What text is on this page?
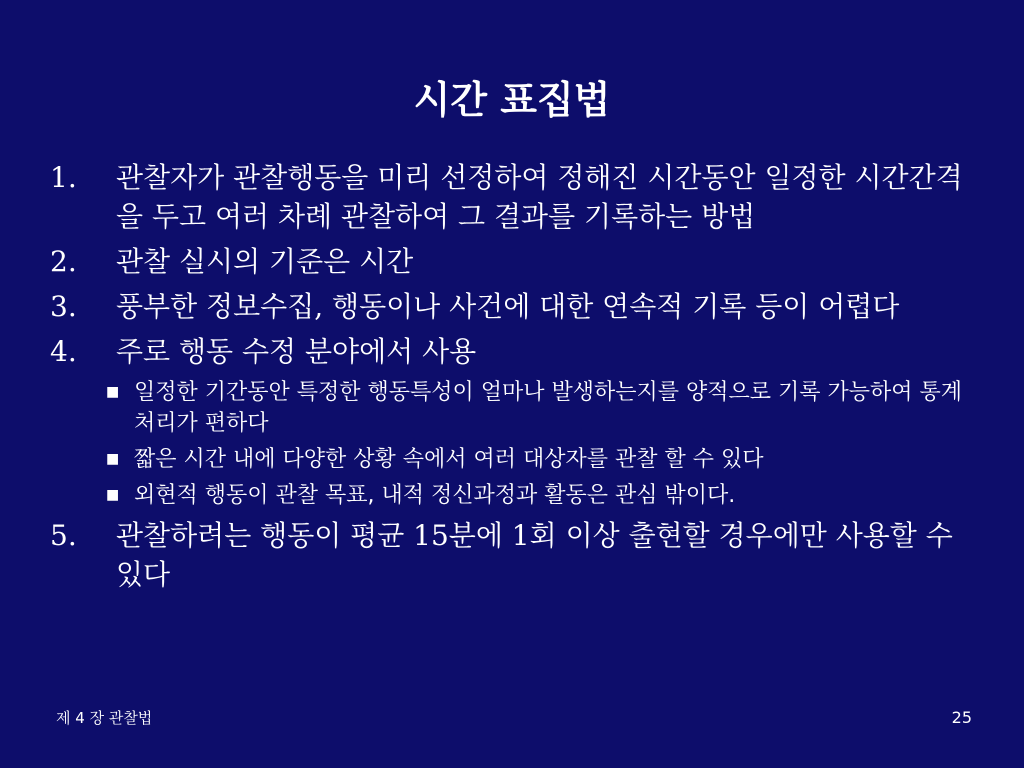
시간 표집법
1.	관찰자가 관찰행동을 미리 선정하여 정해진 시간동안 일정한 시간간격을 두고 여러 차례 관찰하여 그 결과를 기록하는 방법
2.	관찰 실시의 기준은 시간
3.	풍부한 정보수집, 행동이나 사건에 대한 연속적 기록 등이 어렵다
4.	주로 행동 수정 분야에서 사용
■ 일정한 기간동안 특정한 행동특성이 얼마나 발생하는지를 양적으로 기록 가능하여 통계처리가 편하다
■ 짧은 시간 내에 다양한 상황 속에서 여러 대상자를 관찰 할 수 있다
■ 외현적 행동이 관찰 목표, 내적 정신과정과 활동은 관심 밖이다.
5.	관찰하려는 행동이 평균 15분에 1회 이상 출현할 경우에만 사용할 수 있다
제 4 장 관찰법	25
